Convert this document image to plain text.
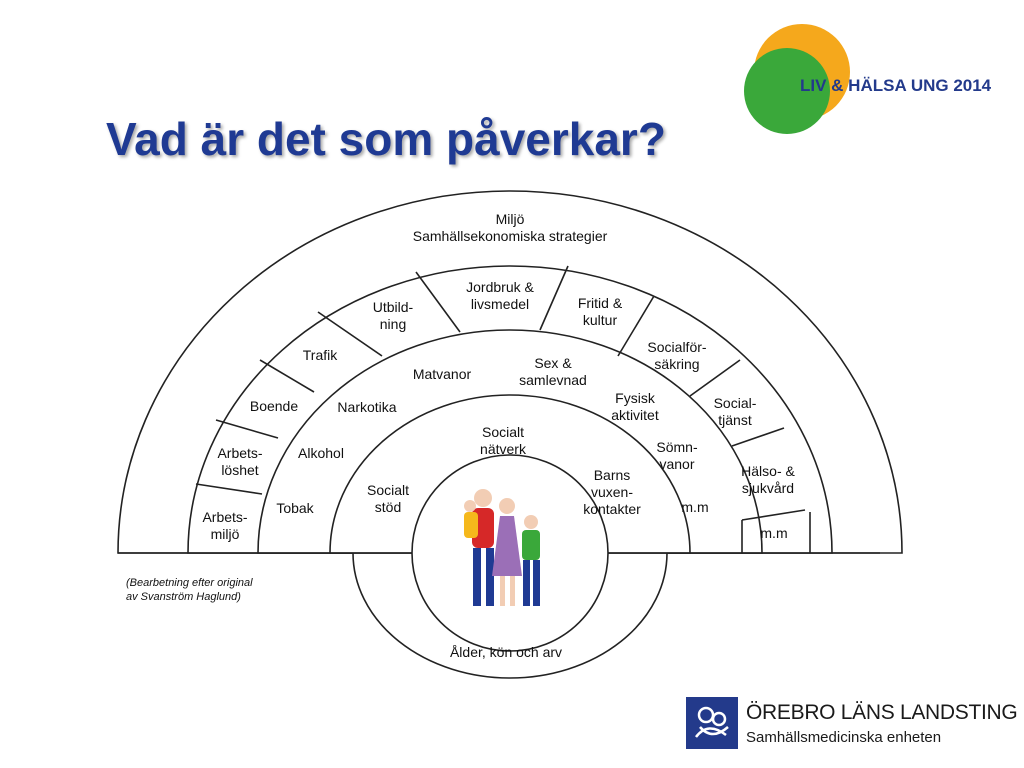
Vad är det som påverkar?
LIV & HÄLSA UNG 2014
Miljö
Samhällsekonomiska strategier
Arbets-
miljö
Arbets-
löshet
Boende
Trafik
Utbild-
ning
Jordbruk &
livsmedel	Fritid &
kultur
Socialför-
säkring
Social-
tjänst
Hälso- &
sjukvård
m.m
Tobak
Alkohol
Narkotika
Matvanor
Sex &
samlevnad
Fysisk
aktivitet
Sömn-
vanor
m.m
Socialt
stöd
Socialt
nätverk
Barns
vuxen-
kontakter
Ålder, kön och arv
(Bearbetning efter original
av Svanström Haglund)
ÖREBRO LÄNS LANDSTING
Samhällsmedicinska enheten
